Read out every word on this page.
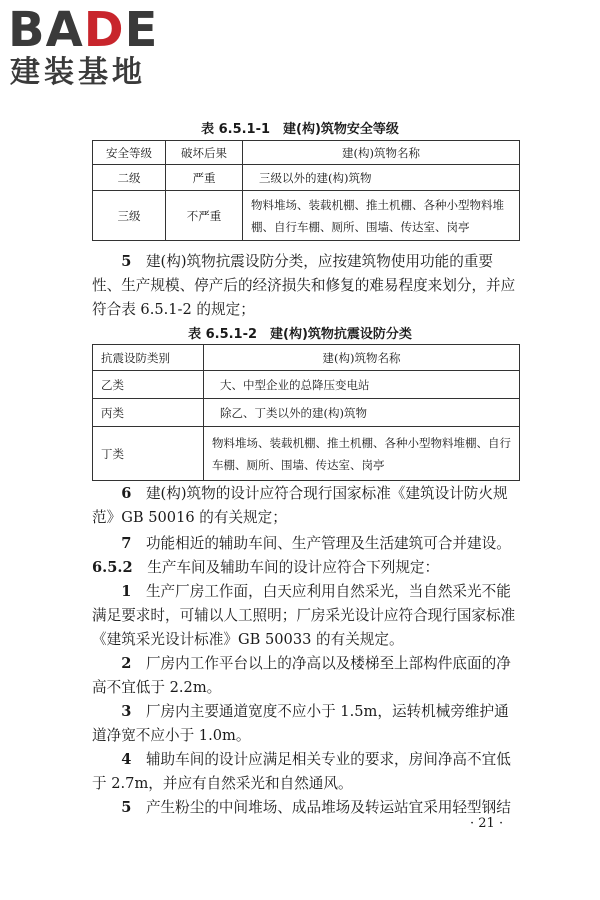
BADE
建装基地
表 6.5.1-1　建(构)筑物安全等级
安全等级	破坏后果	建(构)筑物名称
二级	严重	三级以外的建(构)筑物
三级	不严重	物料堆场、装载机棚、推土机棚、各种小型物料堆棚、自行车棚、厕所、围墙、传达室、岗亭
5　 建(构)筑物抗震设防分类，应按建筑物使用功能的重要性、生产规模、停产后的经济损失和修复的难易程度来划分，并应符合表 6.5.1-2 的规定；
表 6.5.1-2　建(构)筑物抗震设防分类
抗震设防类别	建(构)筑物名称
乙类	大、中型企业的总降压变电站
丙类	除乙、丁类以外的建(构)筑物
丁类	物料堆场、装载机棚、推土机棚、各种小型物料堆棚、自行车棚、厕所、围墙、传达室、岗亭
6　 建(构)筑物的设计应符合现行国家标准《建筑设计防火规范》GB 50016 的有关规定；
7　 功能相近的辅助车间、生产管理及生活建筑可合并建设。
6.5.2　 生产车间及辅助车间的设计应符合下列规定：
1　 生产厂房工作面，白天应利用自然采光，当自然采光不能满足要求时，可辅以人工照明；厂房采光设计应符合现行国家标准《建筑采光设计标准》GB 50033 的有关规定。
2　 厂房内工作平台以上的净高以及楼梯至上部构件底面的净高不宜低于 2.2m。
3　 厂房内主要通道宽度不应小于 1.5m，运转机械旁维护通道净宽不应小于 1.0m。
4　 辅助车间的设计应满足相关专业的要求，房间净高不宜低于 2.7m，并应有自然采光和自然通风。
5　 产生粉尘的中间堆场、成品堆场及转运站宜采用轻型钢结
· 21 ·
